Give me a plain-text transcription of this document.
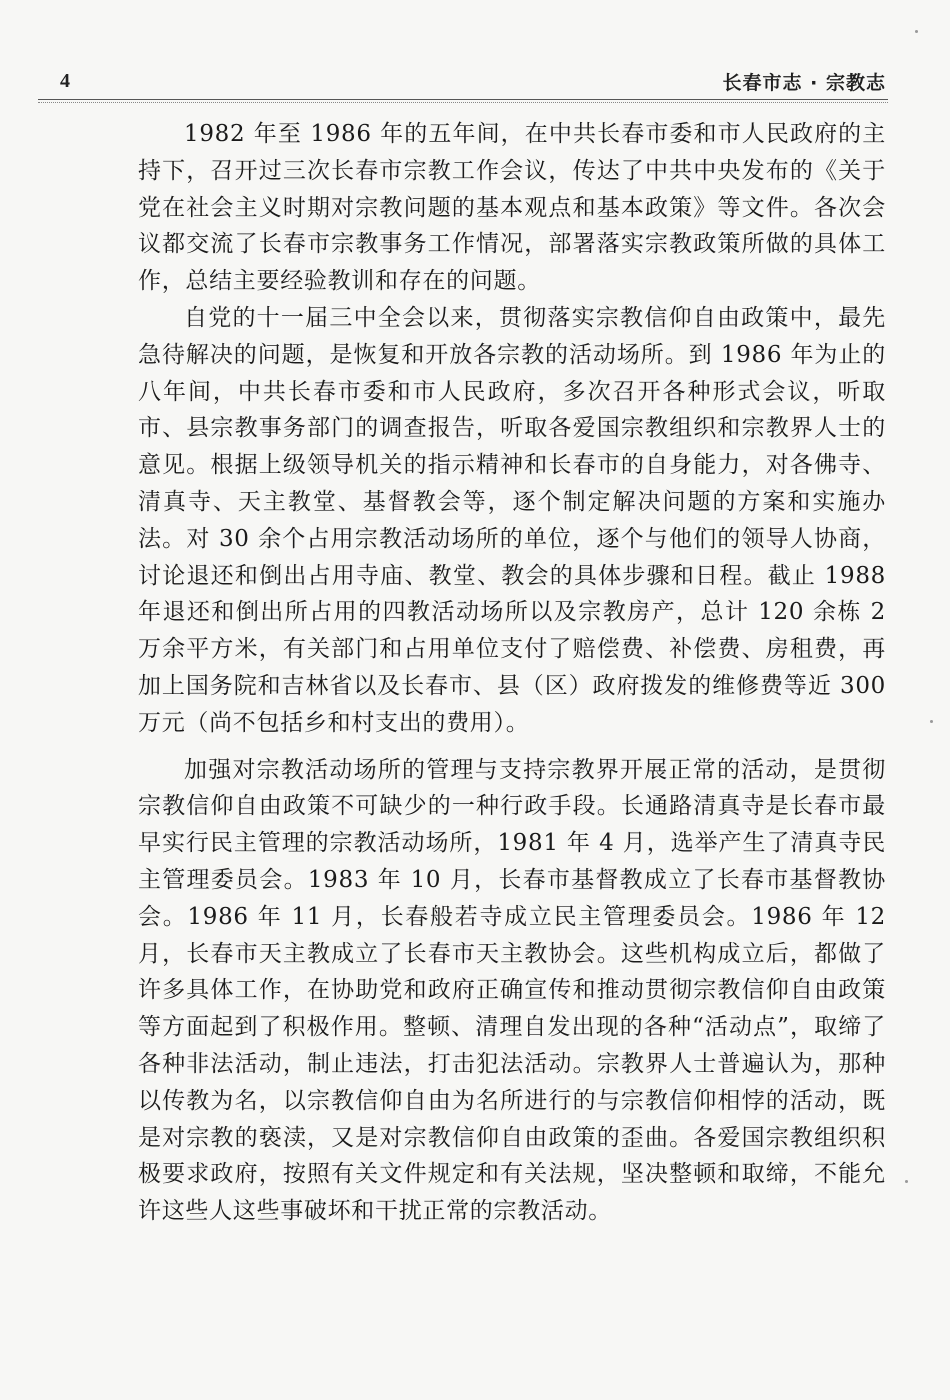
4	长春市志 · 宗教志

1982 年至 1986 年的五年间，在中共长春市委和市人民政府的主持下，召开过三次长春市宗教工作会议，传达了中共中央发布的《关于党在社会主义时期对宗教问题的基本观点和基本政策》等文件。各次会议都交流了长春市宗教事务工作情况，部署落实宗教政策所做的具体工作，总结主要经验教训和存在的问题。

自党的十一届三中全会以来，贯彻落实宗教信仰自由政策中，最先急待解决的问题，是恢复和开放各宗教的活动场所。到 1986 年为止的八年间，中共长春市委和市人民政府，多次召开各种形式会议，听取市、县宗教事务部门的调查报告，听取各爱国宗教组织和宗教界人士的意见。根据上级领导机关的指示精神和长春市的自身能力，对各佛寺、清真寺、天主教堂、基督教会等，逐个制定解决问题的方案和实施办法。对 30 余个占用宗教活动场所的单位，逐个与他们的领导人协商，讨论退还和倒出占用寺庙、教堂、教会的具体步骤和日程。截止 1988 年退还和倒出所占用的四教活动场所以及宗教房产，总计 120 余栋 2 万余平方米，有关部门和占用单位支付了赔偿费、补偿费、房租费，再加上国务院和吉林省以及长春市、县（区）政府拨发的维修费等近 300 万元（尚不包括乡和村支出的费用）。

加强对宗教活动场所的管理与支持宗教界开展正常的活动，是贯彻宗教信仰自由政策不可缺少的一种行政手段。长通路清真寺是长春市最早实行民主管理的宗教活动场所，1981 年 4 月，选举产生了清真寺民主管理委员会。1983 年 10 月，长春市基督教成立了长春市基督教协会。1986 年 11 月，长春般若寺成立民主管理委员会。1986 年 12 月，长春市天主教成立了长春市天主教协会。这些机构成立后，都做了许多具体工作，在协助党和政府正确宣传和推动贯彻宗教信仰自由政策等方面起到了积极作用。整顿、清理自发出现的各种“活动点”，取缔了各种非法活动，制止违法，打击犯法活动。宗教界人士普遍认为，那种以传教为名，以宗教信仰自由为名所进行的与宗教信仰相悖的活动，既是对宗教的亵渎，又是对宗教信仰自由政策的歪曲。各爱国宗教组织积极要求政府，按照有关文件规定和有关法规，坚决整顿和取缔，不能允许这些人这些事破坏和干扰正常的宗教活动。
